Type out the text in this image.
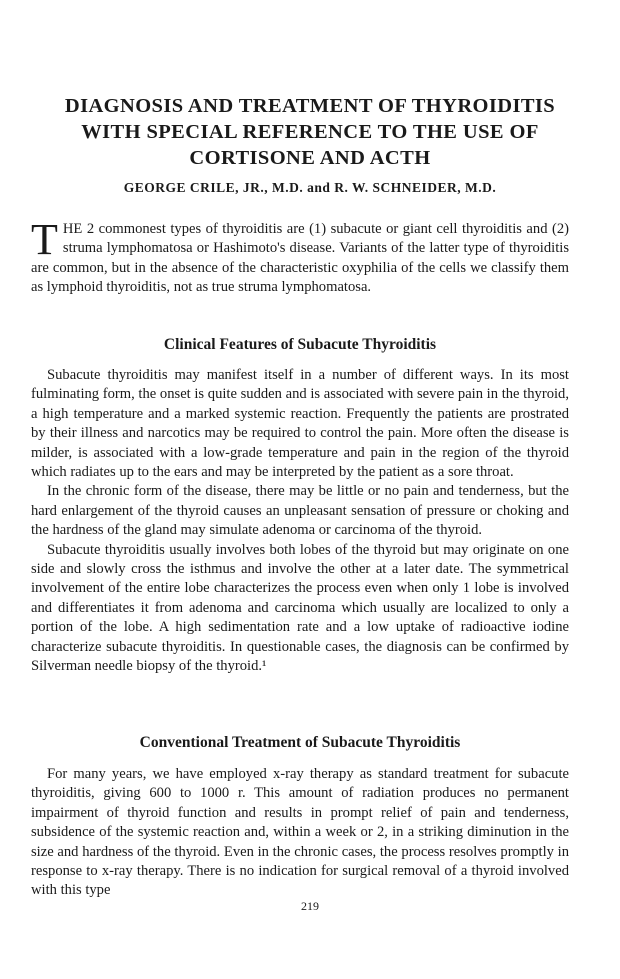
DIAGNOSIS AND TREATMENT OF THYROIDITIS
WITH SPECIAL REFERENCE TO THE USE OF
CORTISONE AND ACTH

GEORGE CRILE, JR., M.D. and R. W. SCHNEIDER, M.D.

THE 2 commonest types of thyroiditis are (1) subacute or giant cell thyroiditis and (2) struma lymphomatosa or Hashimoto's disease. Variants of the latter type of thyroiditis are common, but in the absence of the characteristic oxyphilia of the cells we classify them as lymphoid thyroiditis, not as true struma lymphomatosa.

Clinical Features of Subacute Thyroiditis

Subacute thyroiditis may manifest itself in a number of different ways. In its most fulminating form, the onset is quite sudden and is associated with severe pain in the thyroid, a high temperature and a marked systemic reaction. Frequently the patients are prostrated by their illness and narcotics may be required to control the pain. More often the disease is milder, is associated with a low-grade temperature and pain in the region of the thyroid which radiates up to the ears and may be interpreted by the patient as a sore throat.

In the chronic form of the disease, there may be little or no pain and tenderness, but the hard enlargement of the thyroid causes an unpleasant sensation of pressure or choking and the hardness of the gland may simulate adenoma or carcinoma of the thyroid.

Subacute thyroiditis usually involves both lobes of the thyroid but may originate on one side and slowly cross the isthmus and involve the other at a later date. The symmetrical involvement of the entire lobe characterizes the process even when only 1 lobe is involved and differentiates it from adenoma and carcinoma which usually are localized to only a portion of the lobe. A high sedimentation rate and a low uptake of radioactive iodine characterize subacute thyroiditis. In questionable cases, the diagnosis can be confirmed by Silverman needle biopsy of the thyroid.¹

Conventional Treatment of Subacute Thyroiditis

For many years, we have employed x-ray therapy as standard treatment for subacute thyroiditis, giving 600 to 1000 r. This amount of radiation produces no permanent impairment of thyroid function and results in prompt relief of pain and tenderness, subsidence of the systemic reaction and, within a week or 2, in a striking diminution in the size and hardness of the thyroid. Even in the chronic cases, the process resolves promptly in response to x-ray therapy. There is no indication for surgical removal of a thyroid involved with this type

219
